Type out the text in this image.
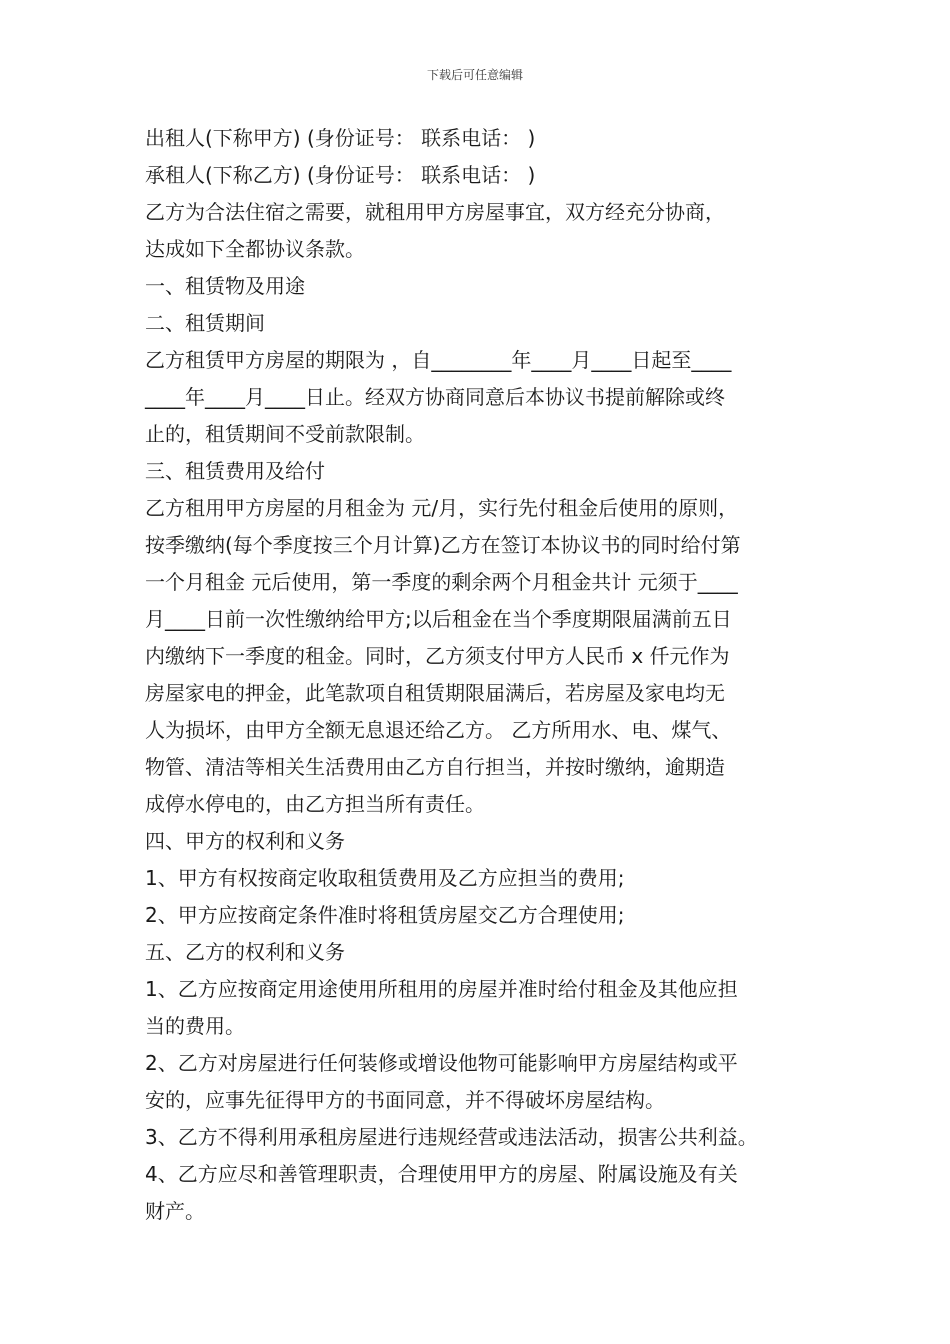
下载后可任意编辑

出租人(下称甲方) (身份证号： 联系电话： )

承租人(下称乙方) (身份证号： 联系电话： )

乙方为合法住宿之需要，就租用甲方房屋事宜，双方经充分协商，

达成如下全都协议条款。

一、租赁物及用途

二、租赁期间

乙方租赁甲方房屋的期限为 ，自________年____月____日起至____

____年____月____日止。经双方协商同意后本协议书提前解除或终

止的，租赁期间不受前款限制。

三、租赁费用及给付

乙方租用甲方房屋的月租金为 元/月，实行先付租金后使用的原则，

按季缴纳(每个季度按三个月计算)乙方在签订本协议书的同时给付第

一个月租金 元后使用，第一季度的剩余两个月租金共计 元须于____

月____日前一次性缴纳给甲方;以后租金在当个季度期限届满前五日

内缴纳下一季度的租金。同时，乙方须支付甲方人民币 x 仟元作为

房屋家电的押金，此笔款项自租赁期限届满后，若房屋及家电均无

人为损坏，由甲方全额无息退还给乙方。 乙方所用水、电、煤气、

物管、清洁等相关生活费用由乙方自行担当，并按时缴纳，逾期造

成停水停电的，由乙方担当所有责任。

四、甲方的权利和义务

1、甲方有权按商定收取租赁费用及乙方应担当的费用;

2、甲方应按商定条件准时将租赁房屋交乙方合理使用;

五、乙方的权利和义务

1、乙方应按商定用途使用所租用的房屋并准时给付租金及其他应担

当的费用。

2、乙方对房屋进行任何装修或增设他物可能影响甲方房屋结构或平

安的，应事先征得甲方的书面同意，并不得破坏房屋结构。

3、乙方不得利用承租房屋进行违规经营或违法活动，损害公共利益。

4、乙方应尽和善管理职责，合理使用甲方的房屋、附属设施及有关

财产。
